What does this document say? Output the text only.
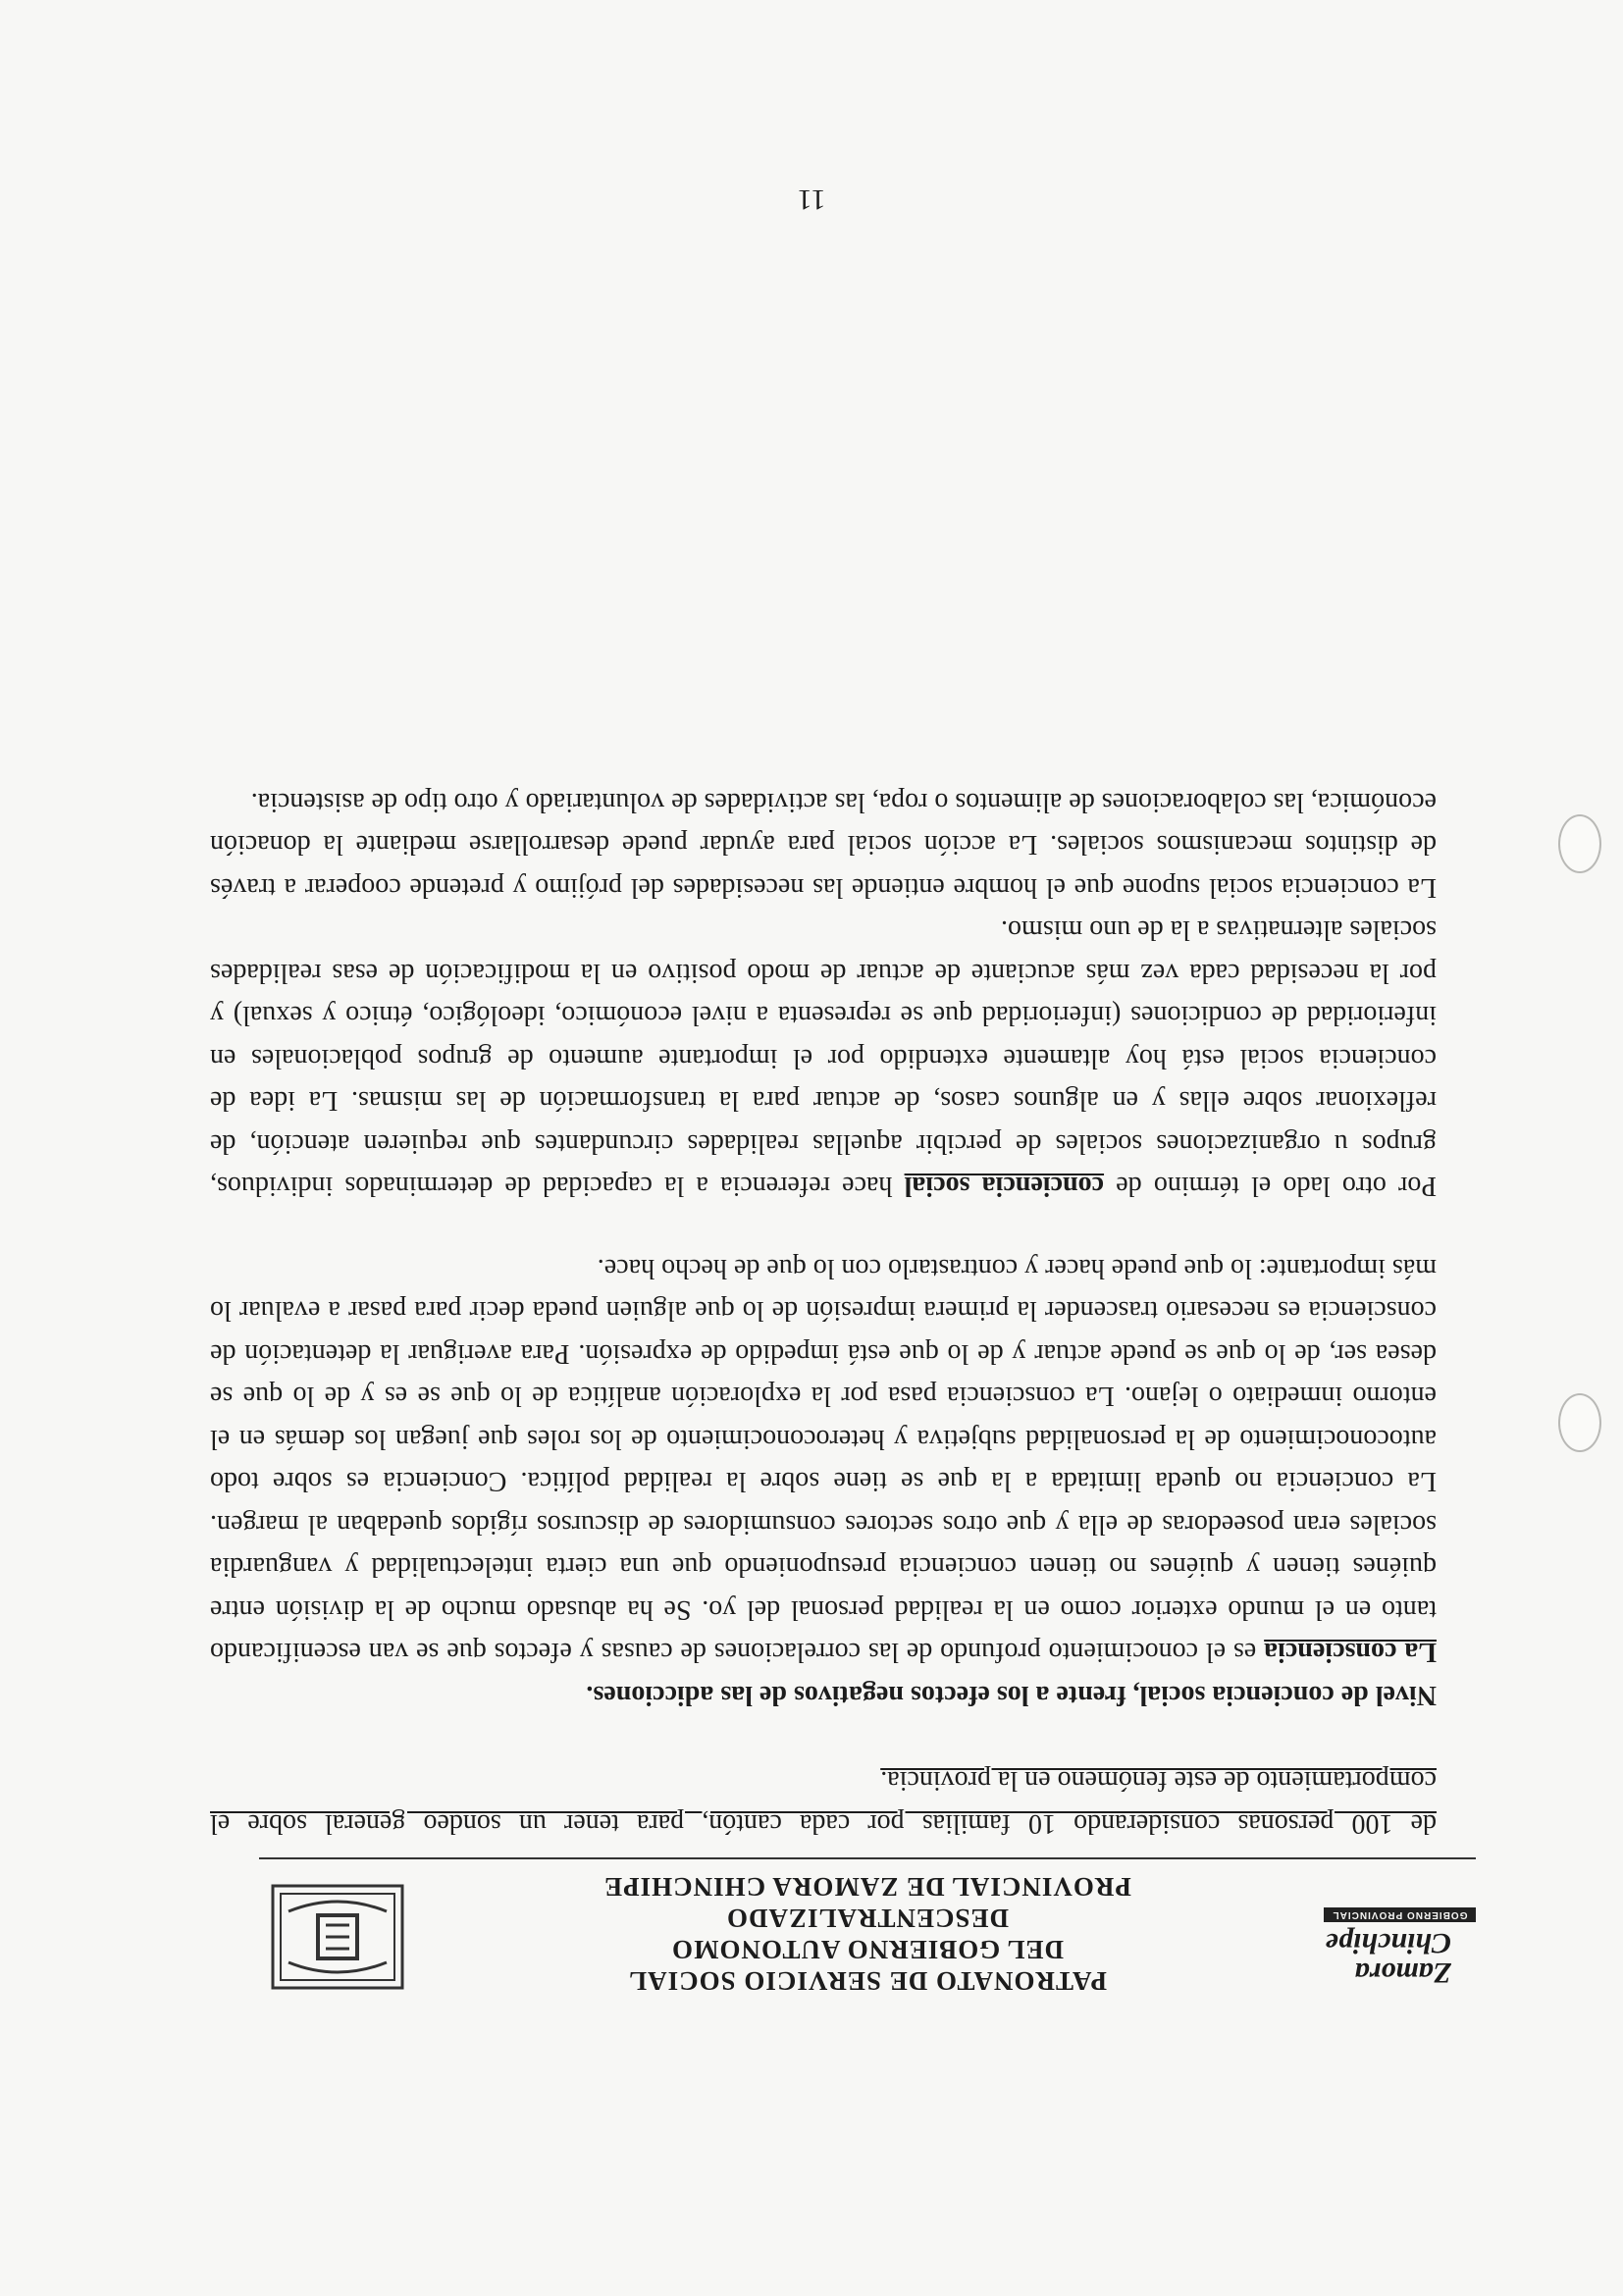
Zamora
Chinchipe
GOBIERNO PROVINCIAL
PATRONATO DE SERVICIO SOCIAL
DEL GOBIERNO AUTONOMO DESCENTRALIZADO
PROVINCIAL DE ZAMORA CHINCHIPE

de 100 personas considerando 10 familias por cada cantón, para tener un sondeo general sobre el comportamiento de este fenómeno en la provincia.

Nivel de conciencia social, frente a los efectos negativos de las adicciones.

La consciencia es el conocimiento profundo de las correlaciones de causas y efectos que se van escenificando tanto en el mundo exterior como en la realidad personal del yo. Se ha abusado mucho de la división entre quiénes tienen y quiénes no tienen conciencia presuponiendo que una cierta intelectualidad y vanguardia sociales eran poseedoras de ella y que otros sectores consumidores de discursos rígidos quedaban al margen. La conciencia no queda limitada a la que se tiene sobre la realidad política. Conciencia es sobre todo autoconocimiento de la personalidad subjetiva y heteroconocimiento de los roles que juegan los demás en el entorno inmediato o lejano. La consciencia pasa por la exploración analítica de lo que se es y de lo que se desea ser, de lo que se puede actuar y de lo que está impedido de expresión. Para averiguar la detentación de consciencia es necesario trascender la primera impresión de lo que alguien pueda decir para pasar a evaluar lo más importante: lo que puede hacer y contrastarlo con lo que de hecho hace.

Por otro lado el término de conciencia social hace referencia a la capacidad de determinados individuos, grupos u organizaciones sociales de percibir aquellas realidades circundantes que requieren atención, de reflexionar sobre ellas y en algunos casos, de actuar para la transformación de las mismas. La idea de conciencia social está hoy altamente extendido por el importante aumento de grupos poblacionales en inferioridad de condiciones (inferioridad que se representa a nivel económico, ideológico, étnico y sexual) y por la necesidad cada vez más acuciante de actuar de modo positivo en la modificación de esas realidades sociales alternativas a la de uno mismo.

La conciencia social supone que el hombre entiende las necesidades del prójimo y pretende cooperar a través de distintos mecanismos sociales. La acción social para ayudar puede desarrollarse mediante la donación económica, las colaboraciones de alimentos o ropa, las actividades de voluntariado y otro tipo de asistencia.

11
